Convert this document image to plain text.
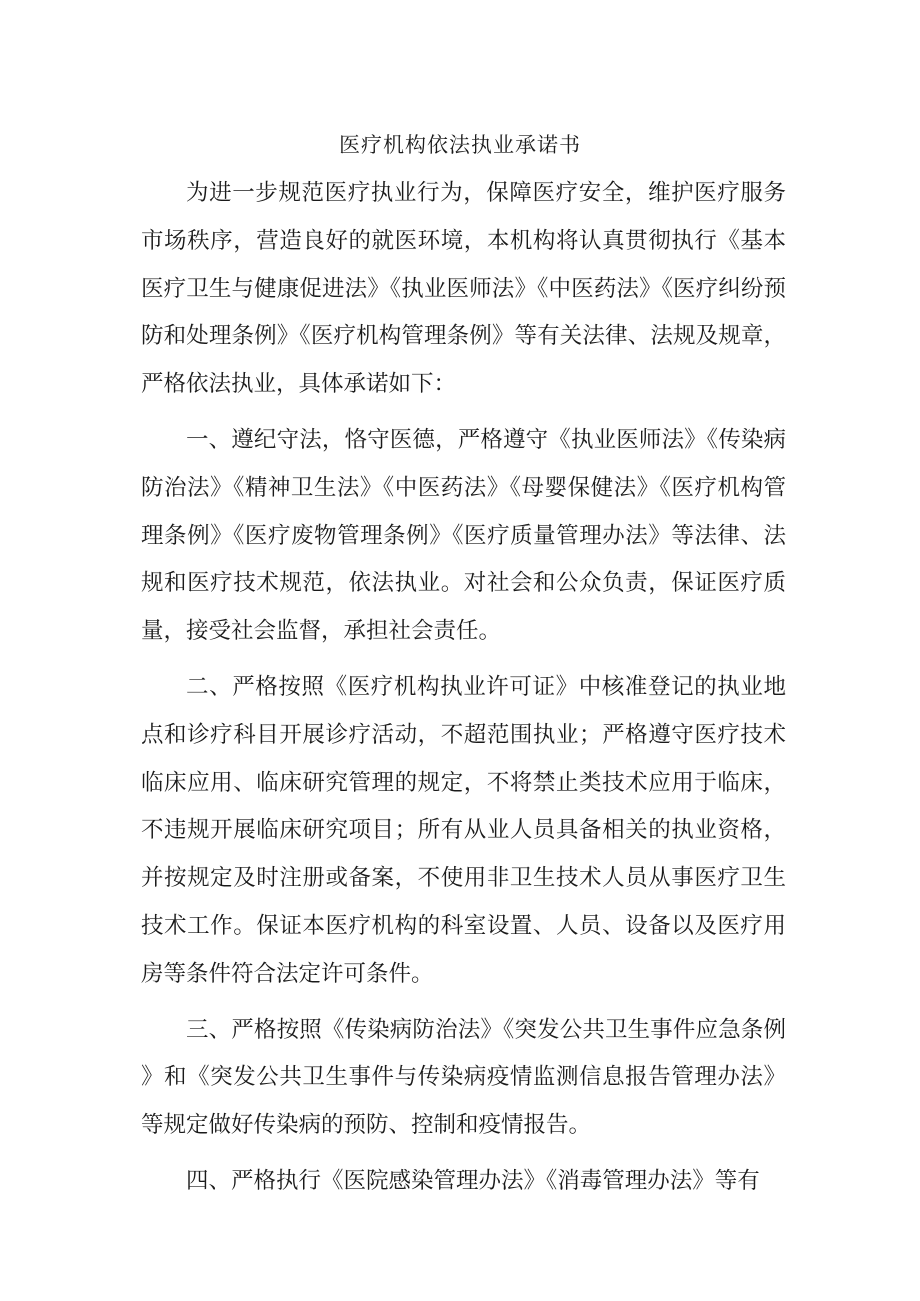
医疗机构依法执业承诺书

为进一步规范医疗执业行为，保障医疗安全，维护医疗服务市场秩序，营造良好的就医环境，本机构将认真贯彻执行《基本医疗卫生与健康促进法》《执业医师法》《中医药法》《医疗纠纷预防和处理条例》《医疗机构管理条例》等有关法律、法规及规章，严格依法执业，具体承诺如下：

一、遵纪守法，恪守医德，严格遵守《执业医师法》《传染病防治法》《精神卫生法》《中医药法》《母婴保健法》《医疗机构管理条例》《医疗废物管理条例》《医疗质量管理办法》等法律、法规和医疗技术规范，依法执业。对社会和公众负责，保证医疗质量，接受社会监督，承担社会责任。

二、严格按照《医疗机构执业许可证》中核准登记的执业地点和诊疗科目开展诊疗活动，不超范围执业；严格遵守医疗技术临床应用、临床研究管理的规定，不将禁止类技术应用于临床，不违规开展临床研究项目；所有从业人员具备相关的执业资格，并按规定及时注册或备案，不使用非卫生技术人员从事医疗卫生技术工作。保证本医疗机构的科室设置、人员、设备以及医疗用房等条件符合法定许可条件。

三、严格按照《传染病防治法》《突发公共卫生事件应急条例》和《突发公共卫生事件与传染病疫情监测信息报告管理办法》等规定做好传染病的预防、控制和疫情报告。

四、严格执行《医院感染管理办法》《消毒管理办法》等有
